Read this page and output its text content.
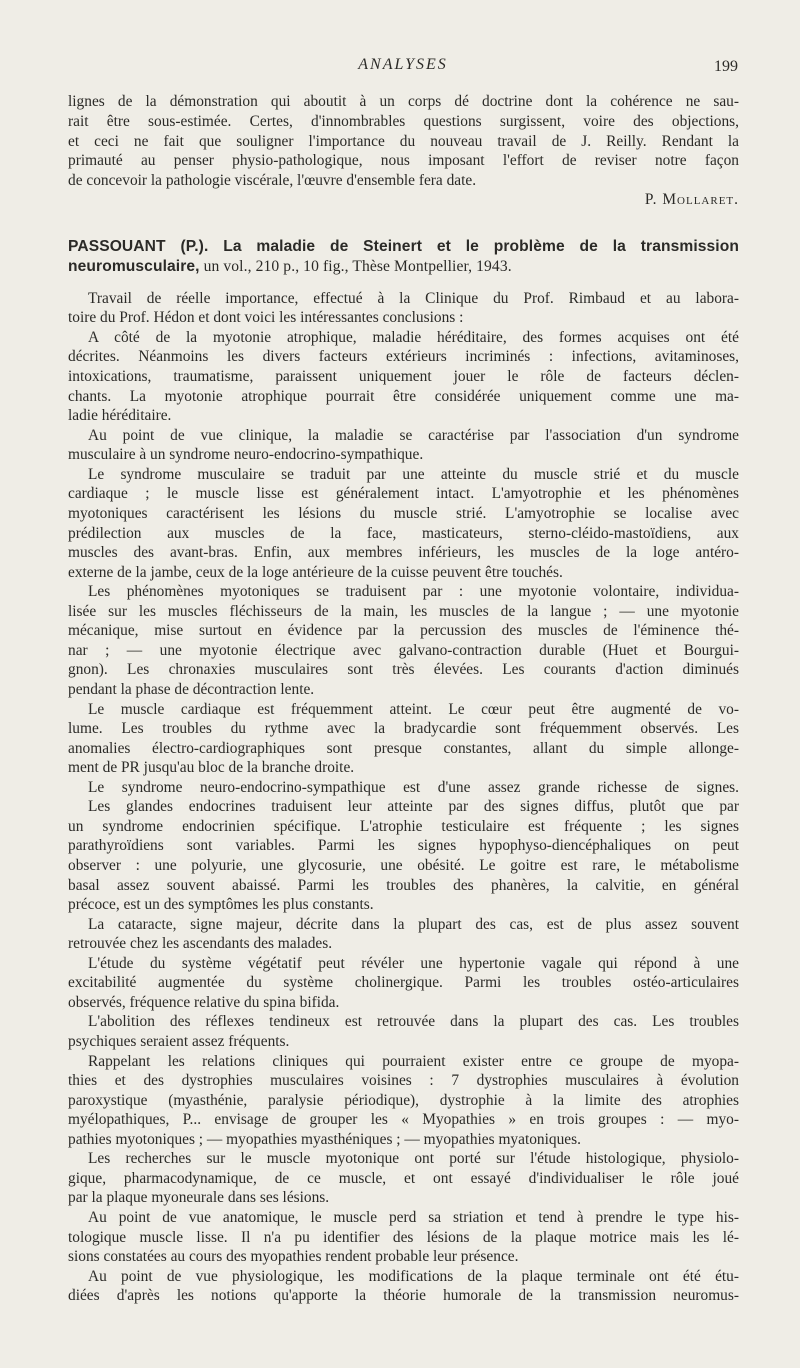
ANALYSES	199
lignes de la démonstration qui aboutit à un corps dé doctrine dont la cohérence ne sau-
rait être sous-estimée. Certes, d'innombrables questions surgissent, voire des objections,
et ceci ne fait que souligner l'importance du nouveau travail de J. Reilly. Rendant la
primauté au penser physio-pathologique, nous imposant l'effort de reviser notre façon
de concevoir la pathologie viscérale, l'œuvre d'ensemble fera date.
P. Mollaret.
PASSOUANT (P.). La maladie de Steinert et le problème de la transmission
neuromusculaire, un vol., 210 p., 10 fig., Thèse Montpellier, 1943.
Travail de réelle importance, effectué à la Clinique du Prof. Rimbaud et au labora-
toire du Prof. Hédon et dont voici les intéressantes conclusions :
A côté de la myotonie atrophique, maladie héréditaire, des formes acquises ont été
décrites. Néanmoins les divers facteurs extérieurs incriminés : infections, avitaminoses,
intoxications, traumatisme, paraissent uniquement jouer le rôle de facteurs déclen-
chants. La myotonie atrophique pourrait être considérée uniquement comme une ma-
ladie héréditaire.
Au point de vue clinique, la maladie se caractérise par l'association d'un syndrome
musculaire à un syndrome neuro-endocrino-sympathique.
Le syndrome musculaire se traduit par une atteinte du muscle strié et du muscle
cardiaque ; le muscle lisse est généralement intact. L'amyotrophie et les phénomènes
myotoniques caractérisent les lésions du muscle strié. L'amyotrophie se localise avec
prédilection aux muscles de la face, masticateurs, sterno-cléido-mastoïdiens, aux
muscles des avant-bras. Enfin, aux membres inférieurs, les muscles de la loge antéro-
externe de la jambe, ceux de la loge antérieure de la cuisse peuvent être touchés.
Les phénomènes myotoniques se traduisent par : une myotonie volontaire, individua-
lisée sur les muscles fléchisseurs de la main, les muscles de la langue ; — une myotonie
mécanique, mise surtout en évidence par la percussion des muscles de l'éminence thé-
nar ; — une myotonie électrique avec galvano-contraction durable (Huet et Bourgui-
gnon). Les chronaxies musculaires sont très élevées. Les courants d'action diminués
pendant la phase de décontraction lente.
Le muscle cardiaque est fréquemment atteint. Le cœur peut être augmenté de vo-
lume. Les troubles du rythme avec la bradycardie sont fréquemment observés. Les
anomalies électro-cardiographiques sont presque constantes, allant du simple allonge-
ment de PR jusqu'au bloc de la branche droite.
Le syndrome neuro-endocrino-sympathique est d'une assez grande richesse de signes.
Les glandes endocrines traduisent leur atteinte par des signes diffus, plutôt que par
un syndrome endocrinien spécifique. L'atrophie testiculaire est fréquente ; les signes
parathyroïdiens sont variables. Parmi les signes hypophyso-diencéphaliques on peut
observer : une polyurie, une glycosurie, une obésité. Le goitre est rare, le métabolisme
basal assez souvent abaissé. Parmi les troubles des phanères, la calvitie, en général
précoce, est un des symptômes les plus constants.
La cataracte, signe majeur, décrite dans la plupart des cas, est de plus assez souvent
retrouvée chez les ascendants des malades.
L'étude du système végétatif peut révéler une hypertonie vagale qui répond à une
excitabilité augmentée du système cholinergique. Parmi les troubles ostéo-articulaires
observés, fréquence relative du spina bifida.
L'abolition des réflexes tendineux est retrouvée dans la plupart des cas. Les troubles
psychiques seraient assez fréquents.
Rappelant les relations cliniques qui pourraient exister entre ce groupe de myopa-
thies et des dystrophies musculaires voisines : 7 dystrophies musculaires à évolution
paroxystique (myasthénie, paralysie périodique), dystrophie à la limite des atrophies
myélopathiques, P... envisage de grouper les « Myopathies » en trois groupes : — myo-
pathies myotoniques ; — myopathies myasthéniques ; — myopathies myatoniques.
Les recherches sur le muscle myotonique ont porté sur l'étude histologique, physiolo-
gique, pharmacodynamique, de ce muscle, et ont essayé d'individualiser le rôle joué
par la plaque myoneurale dans ses lésions.
Au point de vue anatomique, le muscle perd sa striation et tend à prendre le type his-
tologique muscle lisse. Il n'a pu identifier des lésions de la plaque motrice mais les lé-
sions constatées au cours des myopathies rendent probable leur présence.
Au point de vue physiologique, les modifications de la plaque terminale ont été étu-
diées d'après les notions qu'apporte la théorie humorale de la transmission neuromus-
